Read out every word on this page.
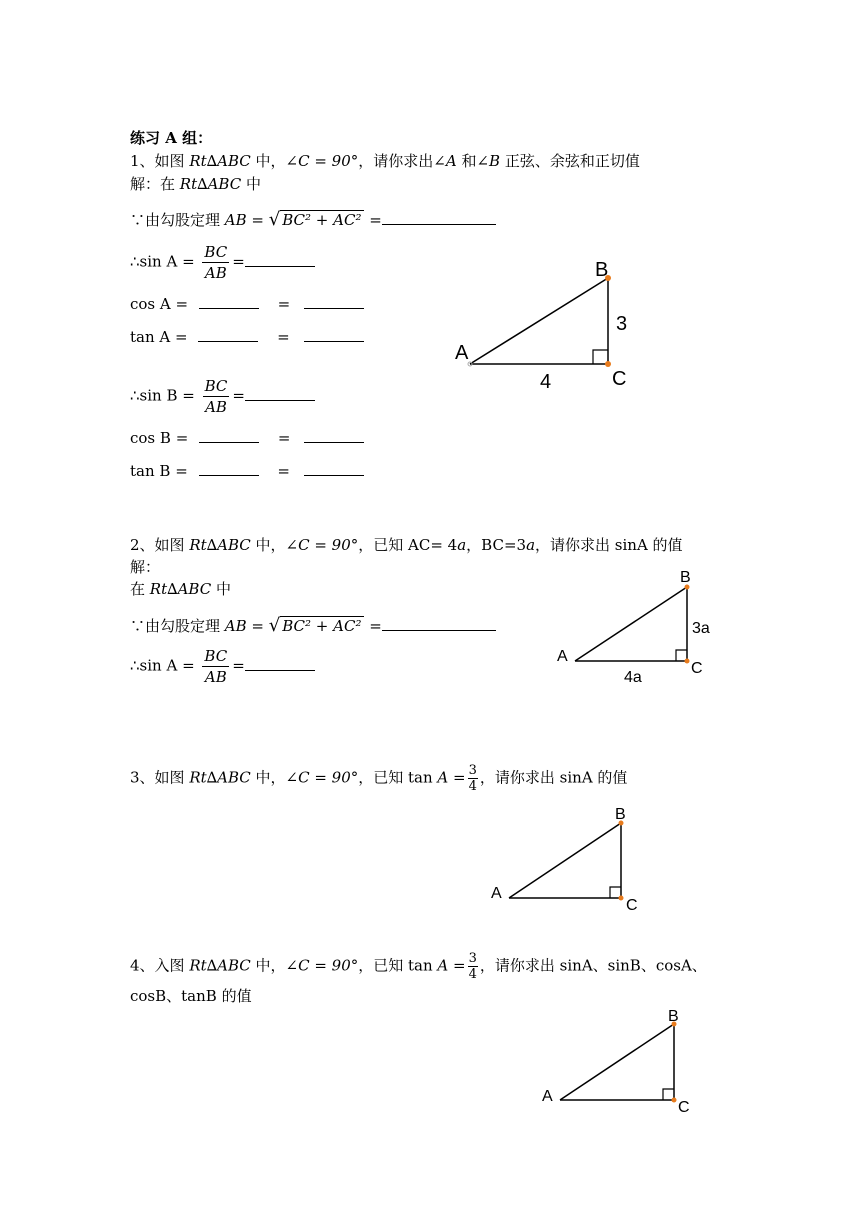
练习 A 组：
1、如图 Rt∆ABC 中，∠C = 90°，请你求出∠A 和∠B 正弦、余弦和正切值
解：在 Rt∆ABC 中
∵由勾股定理 AB = √ BC² + AC² =
∴sin $A = \frac{BC}{AB}$ =
cos A =	=
tan A =	=
∴sin $B = \frac{BC}{AB}$ =
cos B =	=
tan B =	=
B
A
C
3
4
2、如图 Rt∆ABC 中，∠C = 90°，已知 AC= 4a，BC=3a，请你求出 sinA 的值
解：
在 Rt∆ABC 中
∵由勾股定理 AB = √ BC² + AC² =
∴sin $A = \frac{BC}{AB}$ =
B
A
C
3a
4a
3、如图 Rt∆ABC 中，∠C = 90°，已知 $\tan A = \frac{3}{4}$ ，请你求出 sinA 的值
B
A
C
4、入图 Rt∆ABC 中，∠C = 90°，已知 $\tan A = \frac{3}{4}$ ，请你求出 sinA、sinB、cosA、
cosB、tanB 的值
B
A
C
